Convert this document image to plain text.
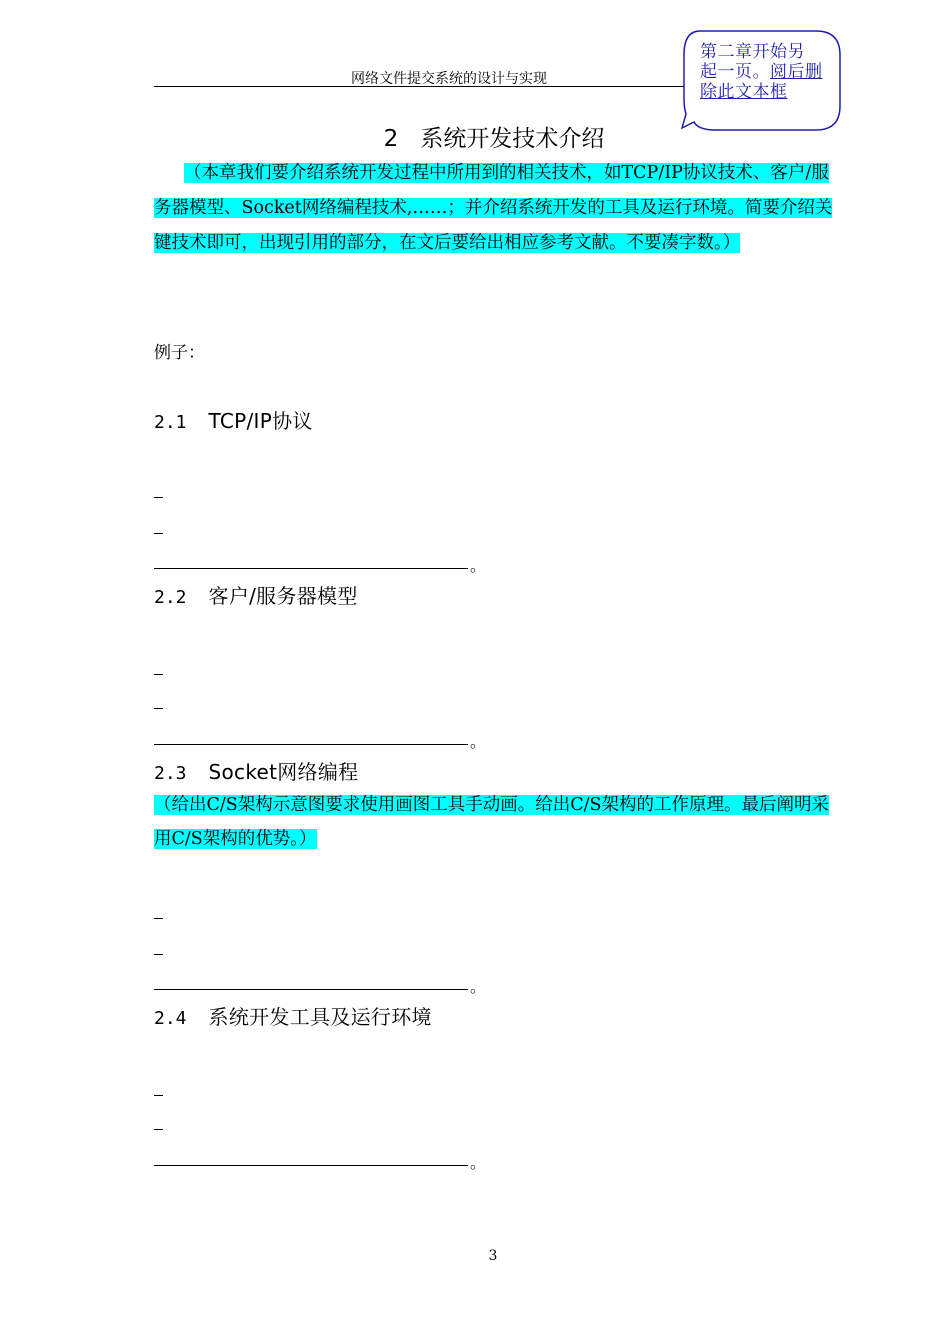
网络文件提交系统的设计与实现
第二章开始另
起一页。阅后删
除此文本框
2 系统开发技术介绍
（本章我们要介绍系统开发过程中所用到的相关技术，如TCP/IP协议技术、客户/服务器模型、Socket网络编程技术,……；并介绍系统开发的工具及运行环境。简要介绍关键技术即可，出现引用的部分，在文后要给出相应参考文献。不要凑字数。）
例子：
2.1 TCP/IP协议
。
2.2 客户/服务器模型
。
2.3 Socket网络编程
（给出C/S架构示意图要求使用画图工具手动画。给出C/S架构的工作原理。最后阐明采用C/S架构的优势。）
。
2.4 系统开发工具及运行环境
。
3
